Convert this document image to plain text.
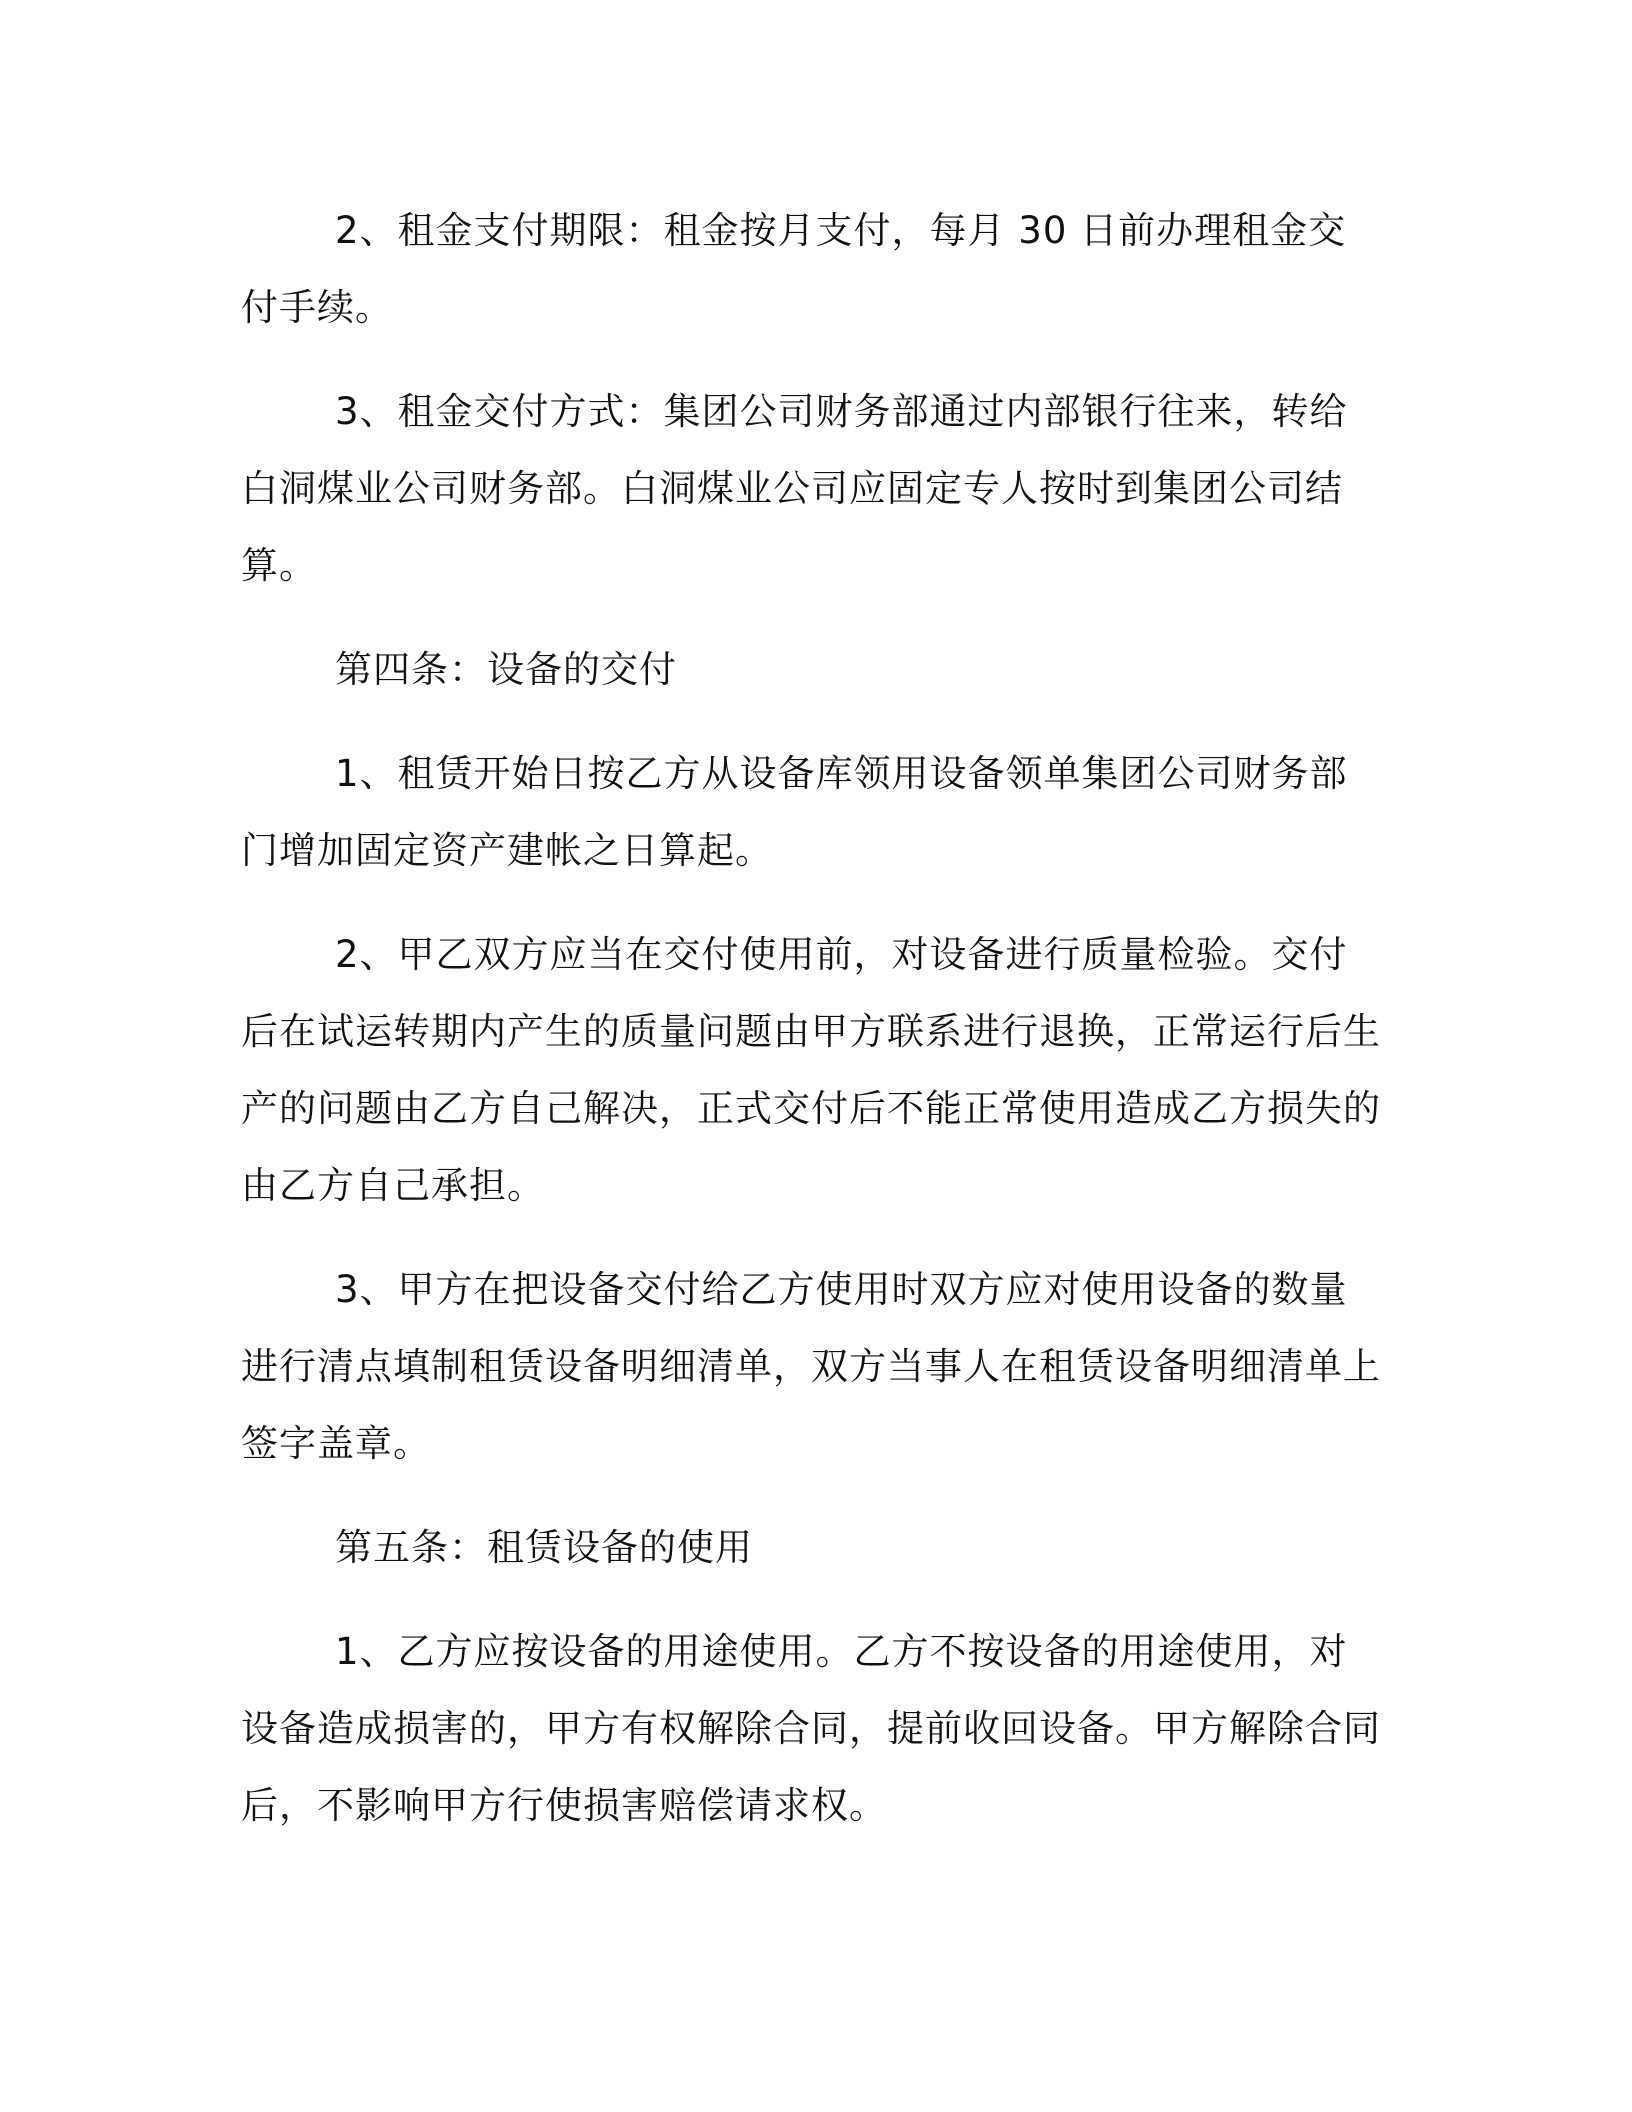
2、租金支付期限：租金按月支付，每月 30 日前办理租金交付手续。

3、租金交付方式：集团公司财务部通过内部银行往来，转给白洞煤业公司财务部。白洞煤业公司应固定专人按时到集团公司结算。

第四条：设备的交付

1、租赁开始日按乙方从设备库领用设备领单集团公司财务部门增加固定资产建帐之日算起。

2、甲乙双方应当在交付使用前，对设备进行质量检验。交付后在试运转期内产生的质量问题由甲方联系进行退换，正常运行后生产的问题由乙方自己解决，正式交付后不能正常使用造成乙方损失的由乙方自己承担。

3、甲方在把设备交付给乙方使用时双方应对使用设备的数量进行清点填制租赁设备明细清单，双方当事人在租赁设备明细清单上签字盖章。

第五条：租赁设备的使用

1、乙方应按设备的用途使用。乙方不按设备的用途使用，对设备造成损害的，甲方有权解除合同，提前收回设备。甲方解除合同后，不影响甲方行使损害赔偿请求权。
